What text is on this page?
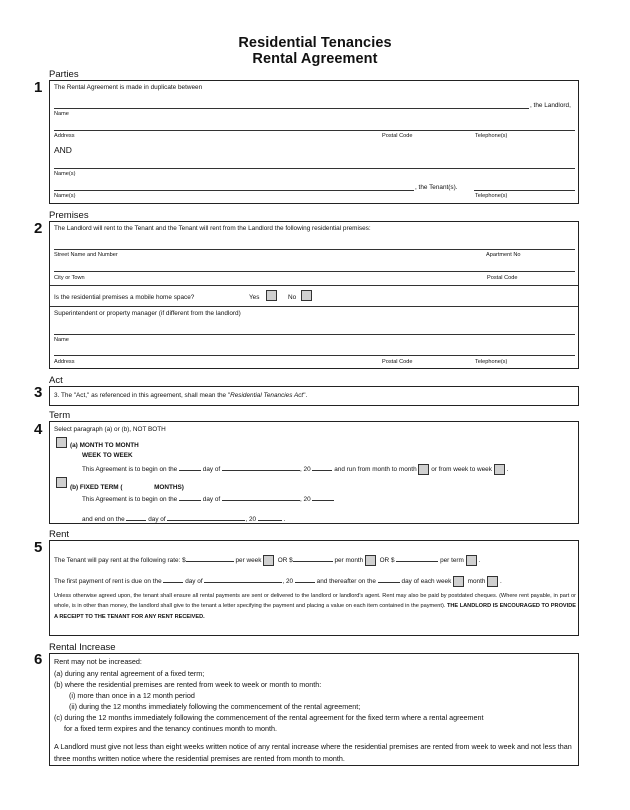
Residential Tenancies
Rental Agreement
Parties
1 The Rental Agreement is made in duplicate between
, the Landlord,
Name
Address	Postal Code	Telephone(s)
AND
Name(s)
, the Tenant(s).
Name(s)	Telephone(s)
Premises
2 The Landlord will rent to the Tenant and the Tenant will rent from the Landlord the following residential premises:
Street Name and Number	Apartment No
City or Town	Postal Code
Is the residential premises a mobile home space?	Yes	No
Superintendent or property manager (if different from the landlord)
Name
Address	Postal Code	Telephone(s)
Act
3 3. The "Act," as referenced in this agreement, shall mean the "Residential Tenancies Act".
Term
4 Select paragraph (a) or (b), NOT BOTH
(a) MONTH TO MONTH
WEEK TO WEEK
This Agreement is to begin on the	day of	, 20	and run from month to month or from week to week .
(b) FIXED TERM (	MONTHS)
This Agreement is to begin on the	day of	, 20
and end on the	day of	, 20	.
Rent
5
The Tenant will pay rent at the following rate: $	per week	OR $	per month	OR $	per term .
The first payment of rent is due on the	day of	, 20	and thereafter on the	day of each week	month .
Unless otherwise agreed upon, the tenant shall ensure all rental payments are sent or delivered to the landlord or landlord's agent. Rent may also be paid by postdated cheques. (Where rent payable, in part or whole, is in other than money, the landlord shall give to the tenant a letter specifying the payment and placing a value on each item contained in the payment). THE LANDLORD IS ENCOURAGED TO PROVIDE A RECEIPT TO THE TENANT FOR ANY RENT RECEIVED.
Rental Increase
6 Rent may not be increased:
(a) during any rental agreement of a fixed term;
(b) where the residential premises are rented from week to week or month to month:
(i) more than once in a 12 month period
(ii) during the 12 months immediately following the commencement of the rental agreement;
(c) during the 12 months immediately following the commencement of the rental agreement for the fixed term where a rental agreement
for a fixed term expires and the tenancy continues month to month.
A Landlord must give not less than eight weeks written notice of any rental increase where the residential premises are rented from week to week and not less than three months written notice where the residential premises are rented from month to month.
